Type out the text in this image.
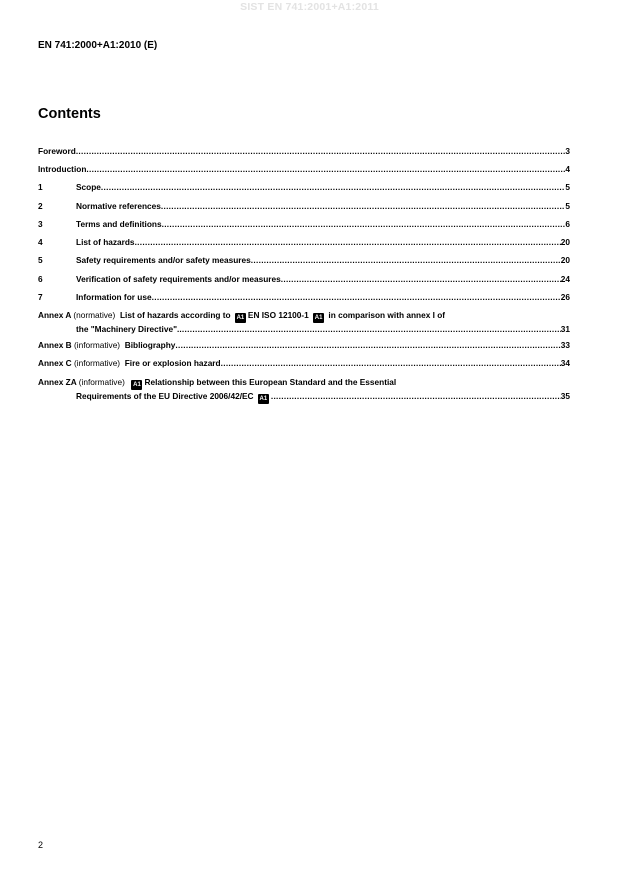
SIST EN 741:2001+A1:2011
EN 741:2000+A1:2010 (E)
Contents
Foreword .....	3
Introduction .....	4
1	Scope .....	5
2	Normative references .....	5
3	Terms and definitions .....	6
4	List of hazards .....	20
5	Safety requirements and/or safety measures .....	20
6	Verification of safety requirements and/or measures .....	24
7	Information for use .....	26
Annex A (normative) List of hazards according to A1 EN ISO 12100-1 A1 in comparison with annex I of
the "Machinery Directive". .....	31
Annex B (informative) Bibliography .....	33
Annex C (informative) Fire or explosion hazard .....	34
Annex ZA (informative) A1 Relationship between this European Standard and the Essential
Requirements of the EU Directive 2006/42/EC A1 .....	35
2
